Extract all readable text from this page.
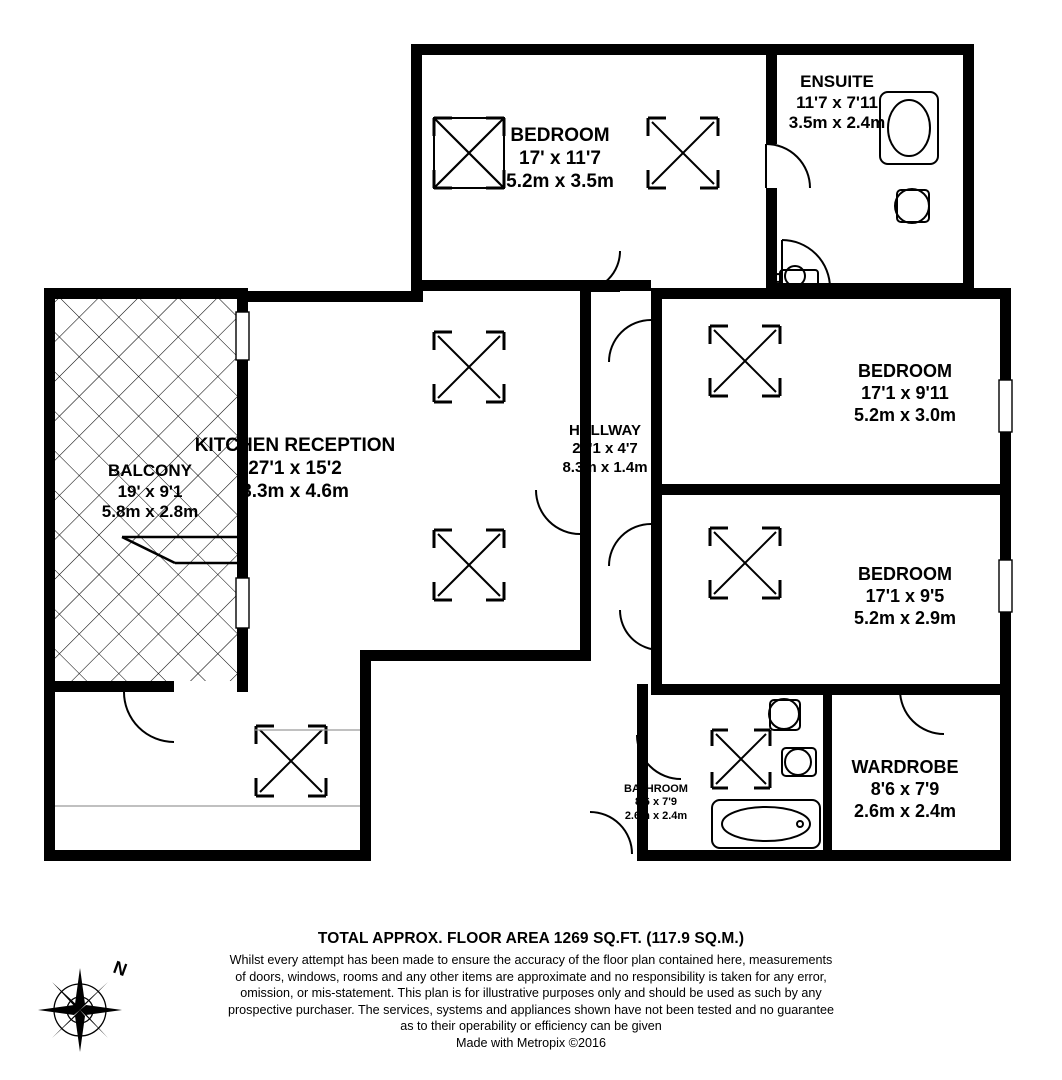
BEDROOM
17' x 11'7
5.2m x 3.5m
ENSUITE
11'7 x 7'11
3.5m x 2.4m
KITCHEN RECEPTION
27'1 x 15'2
8.3m x 4.6m
BALCONY
19' x 9'1
5.8m x 2.8m
HALLWAY
27'1 x 4'7
8.3m x 1.4m
BEDROOM
17'1 x 9'11
5.2m x 3.0m
BEDROOM
17'1 x 9'5
5.2m x 2.9m
WARDROBE
8'6 x 7'9
2.6m x 2.4m
BATHROOM
8'6 x 7'9
2.6m x 2.4m
N
TOTAL APPROX. FLOOR AREA 1269 SQ.FT. (117.9 SQ.M.)
Whilst every attempt has been made to ensure the accuracy of the floor plan contained here, measurements
of doors, windows, rooms and any other items are approximate and no responsibility is taken for any error,
omission, or mis-statement. This plan is for illustrative purposes only and should be used as such by any
prospective purchaser. The services, systems and appliances shown have not been tested and no guarantee
as to their operability or efficiency can be given
Made with Metropix ©2016
